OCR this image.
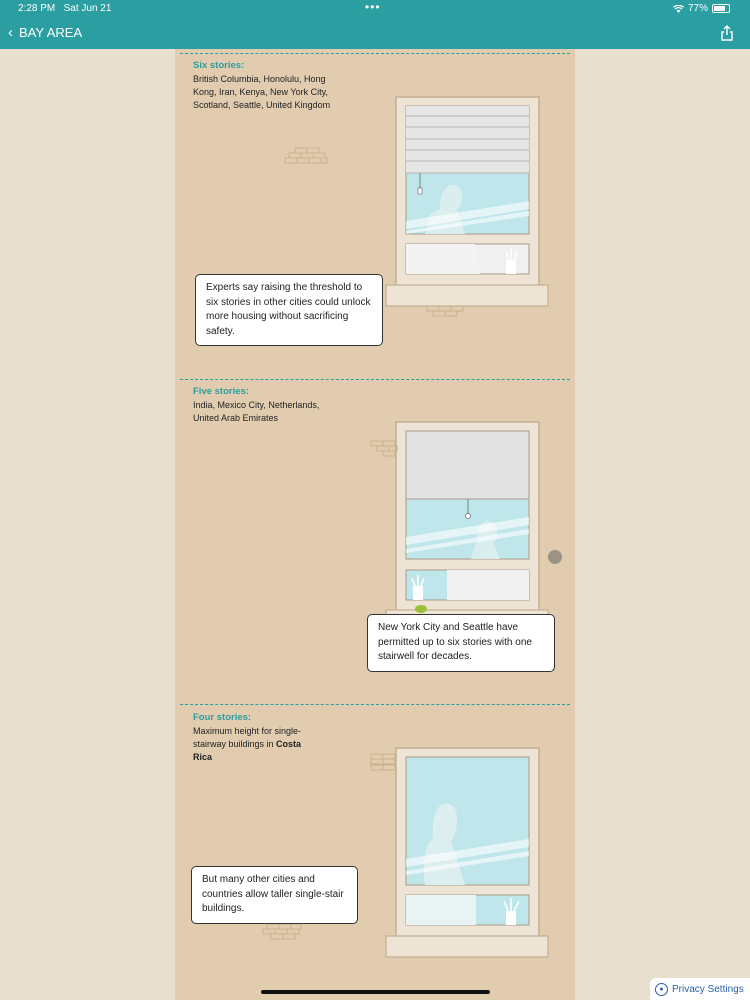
2:28 PM Sat Jun 21	•••	77%
‹ BAY AREA
Six stories:
British Columbia, Honolulu, Hong Kong, Iran, Kenya, New York City, Scotland, Seattle, United Kingdom
Five stories:
India, Mexico City, Netherlands, United Arab Emirates
Four stories:
Maximum height for single-stairway buildings in Costa Rica
Experts say raising the threshold to six stories in other cities could unlock more housing without sacrificing safety.
New York City and Seattle have permitted up to six stories with one stairwell for decades.
But many other cities and countries allow taller single-stair buildings.
● Privacy Settings
